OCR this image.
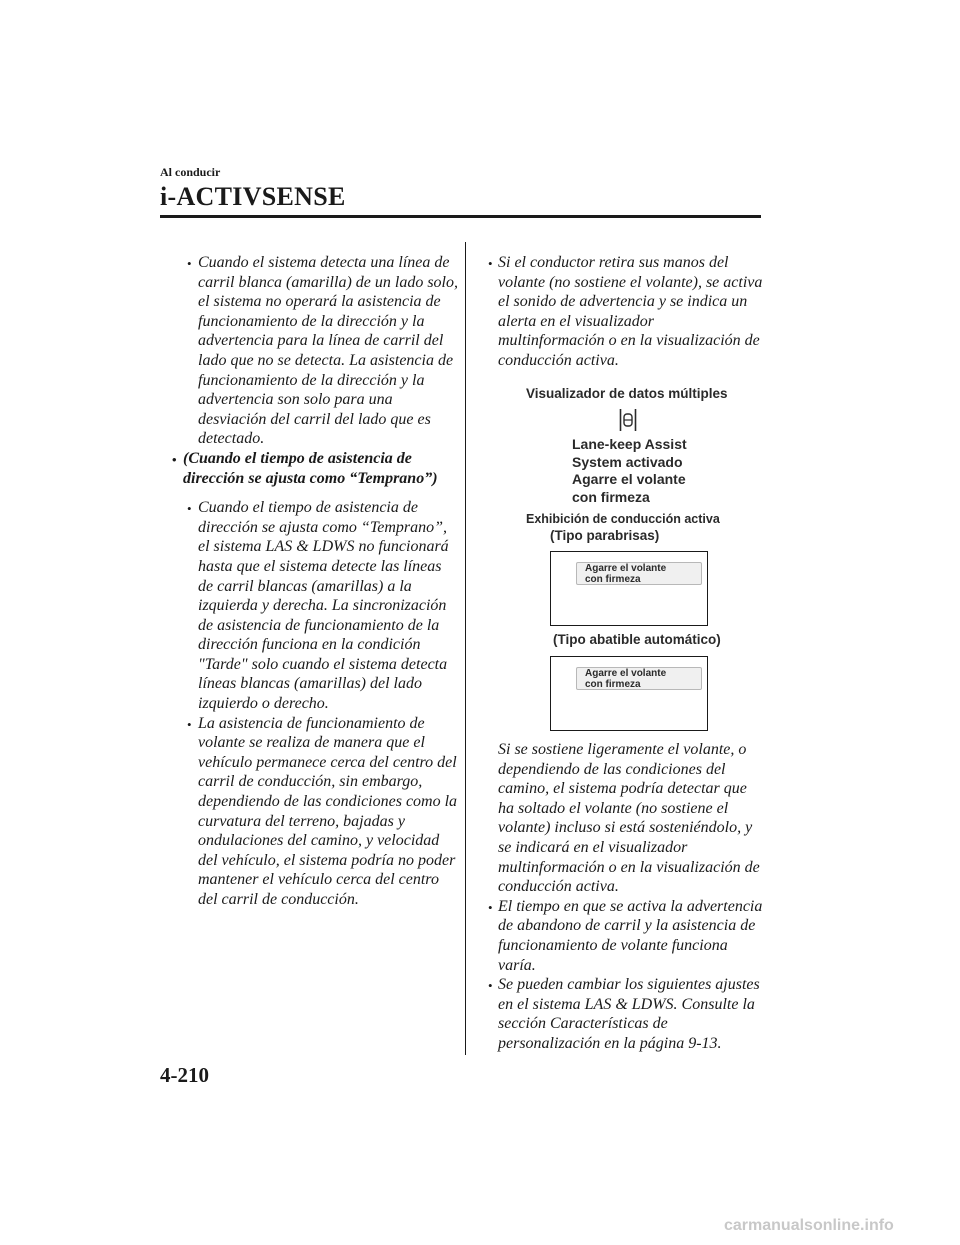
Al conducir
i-ACTIVSENSE

• Cuando el sistema detecta una línea de carril blanca (amarilla) de un lado solo, el sistema no operará la asistencia de funcionamiento de la dirección y la advertencia para la línea de carril del lado que no se detecta. La asistencia de funcionamiento de la dirección y la advertencia son solo para una desviación del carril del lado que es detectado.

• (Cuando el tiempo de asistencia de dirección se ajusta como “Temprano”)

• Cuando el tiempo de asistencia de dirección se ajusta como “Temprano”, el sistema LAS & LDWS no funcionará hasta que el sistema detecte las líneas de carril blancas (amarillas) a la izquierda y derecha. La sincronización de asistencia de funcionamiento de la dirección funciona en la condición "Tarde" solo cuando el sistema detecta líneas blancas (amarillas) del lado izquierdo o derecho.

• La asistencia de funcionamiento de volante se realiza de manera que el vehículo permanece cerca del centro del carril de conducción, sin embargo, dependiendo de las condiciones como la curvatura del terreno, bajadas y ondulaciones del camino, y velocidad del vehículo, el sistema podría no poder mantener el vehículo cerca del centro del carril de conducción.

• Si el conductor retira sus manos del volante (no sostiene el volante), se activa el sonido de advertencia y se indica un alerta en el visualizador multinformación o en la visualización de conducción activa.

Visualizador de datos múltiples
Lane-keep Assist
System activado
Agarre el volante
con firmeza
Exhibición de conducción activa
(Tipo parabrisas)
Agarre el volante
con firmeza
(Tipo abatible automático)
Agarre el volante
con firmeza

Si se sostiene ligeramente el volante, o dependiendo de las condiciones del camino, el sistema podría detectar que ha soltado el volante (no sostiene el volante) incluso si está sosteniéndolo, y se indicará en el visualizador multinformación o en la visualización de conducción activa.

• El tiempo en que se activa la advertencia de abandono de carril y la asistencia de funcionamiento de volante funciona varía.

• Se pueden cambiar los siguientes ajustes en el sistema LAS & LDWS. Consulte la sección Características de personalización en la página 9-13.

4-210
carmanualsonline.info
